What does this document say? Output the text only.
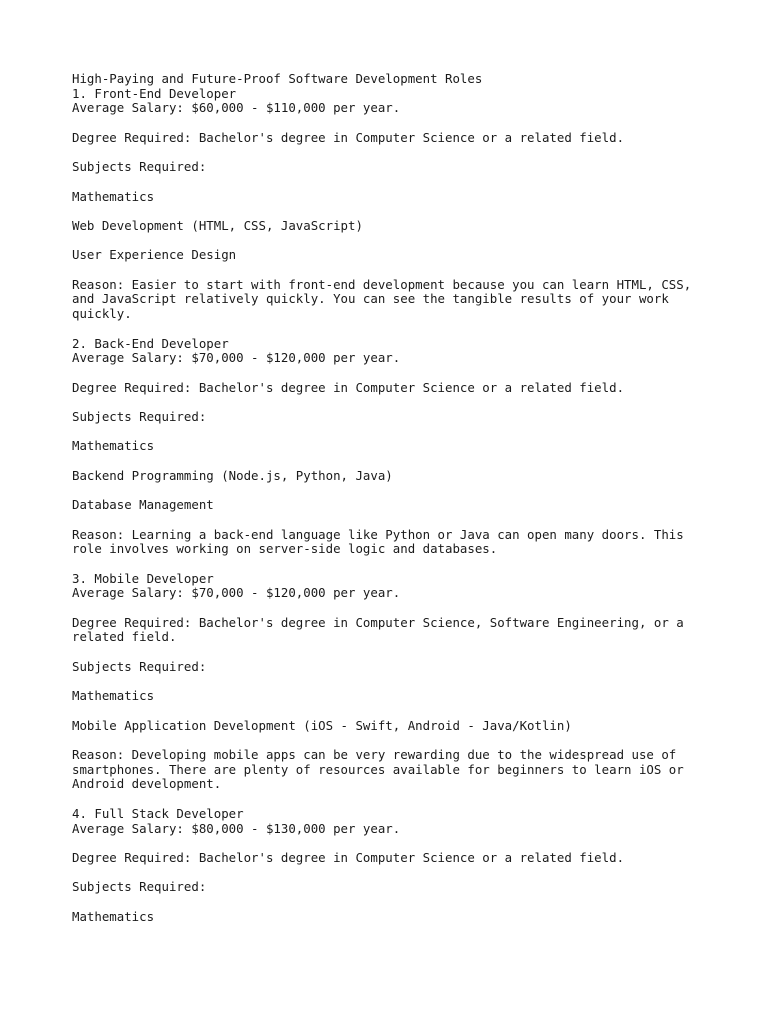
High-Paying and Future-Proof Software Development Roles
1. Front-End Developer
Average Salary: $60,000 - $110,000 per year.
Degree Required: Bachelor's degree in Computer Science or a related field.
Subjects Required:
Mathematics
Web Development (HTML, CSS, JavaScript)
User Experience Design
Reason: Easier to start with front-end development because you can learn HTML, CSS,
and JavaScript relatively quickly. You can see the tangible results of your work
quickly.
2. Back-End Developer
Average Salary: $70,000 - $120,000 per year.
Degree Required: Bachelor's degree in Computer Science or a related field.
Subjects Required:
Mathematics
Backend Programming (Node.js, Python, Java)
Database Management
Reason: Learning a back-end language like Python or Java can open many doors. This
role involves working on server-side logic and databases.
3. Mobile Developer
Average Salary: $70,000 - $120,000 per year.
Degree Required: Bachelor's degree in Computer Science, Software Engineering, or a
related field.
Subjects Required:
Mathematics
Mobile Application Development (iOS - Swift, Android - Java/Kotlin)
Reason: Developing mobile apps can be very rewarding due to the widespread use of
smartphones. There are plenty of resources available for beginners to learn iOS or
Android development.
4. Full Stack Developer
Average Salary: $80,000 - $130,000 per year.
Degree Required: Bachelor's degree in Computer Science or a related field.
Subjects Required:
Mathematics
